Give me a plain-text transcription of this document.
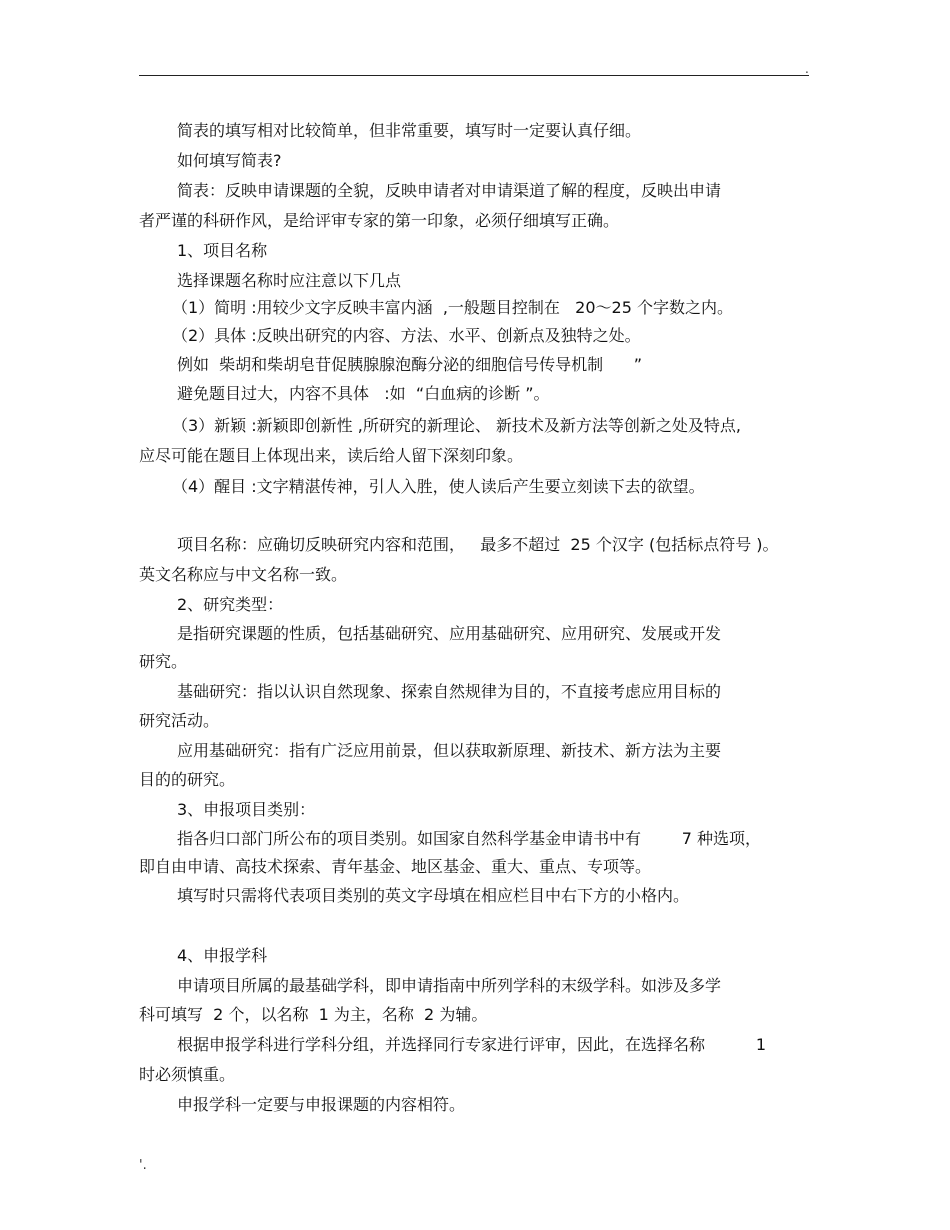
.
简表的填写相对比较简单，但非常重要，填写时一定要认真仔细。
如何填写简表?
简表：反映申请课题的全貌，反映申请者对申请渠道了解的程度，反映出申请
者严谨的科研作风，是给评审专家的第一印象，必须仔细填写正确。
1、项目名称
选择课题名称时应注意以下几点
（1）简明 :用较少文字反映丰富内涵  ,一般题目控制在   20～25 个字数之内。
（2）具体 :反映出研究的内容、方法、水平、创新点及独特之处。
例如  柴胡和柴胡皂苷促胰腺腺泡酶分泌的细胞信号传导机制      ”
避免题目过大，内容不具体   :如  “白血病的诊断 ”。
（3）新颖 :新颖即创新性 ,所研究的新理论、 新技术及新方法等创新之处及特点,
应尽可能在题目上体现出来，读后给人留下深刻印象。
（4）醒目 :文字精湛传神，引人入胜，使人读后产生要立刻读下去的欲望。
项目名称：应确切反映研究内容和范围，   最多不超过  25 个汉字 (包括标点符号 )。
英文名称应与中文名称一致。
2、研究类型：
是指研究课题的性质，包括基础研究、应用基础研究、应用研究、发展或开发
研究。
基础研究：指以认识自然现象、探索自然规律为目的，不直接考虑应用目标的
研究活动。
应用基础研究：指有广泛应用前景，但以获取新原理、新技术、新方法为主要
目的的研究。
3、申报项目类别：
指各归口部门所公布的项目类别。如国家自然科学基金申请书中有        7 种选项，
即自由申请、高技术探索、青年基金、地区基金、重大、重点、专项等。
填写时只需将代表项目类别的英文字母填在相应栏目中右下方的小格内。
4、申报学科
申请项目所属的最基础学科，即申请指南中所列学科的末级学科。如涉及多学
科可填写  2 个，以名称  1 为主，名称  2 为辅。
根据申报学科进行学科分组，并选择同行专家进行评审，因此，在选择名称          1
时必须慎重。
申报学科一定要与申报课题的内容相符。
'.
